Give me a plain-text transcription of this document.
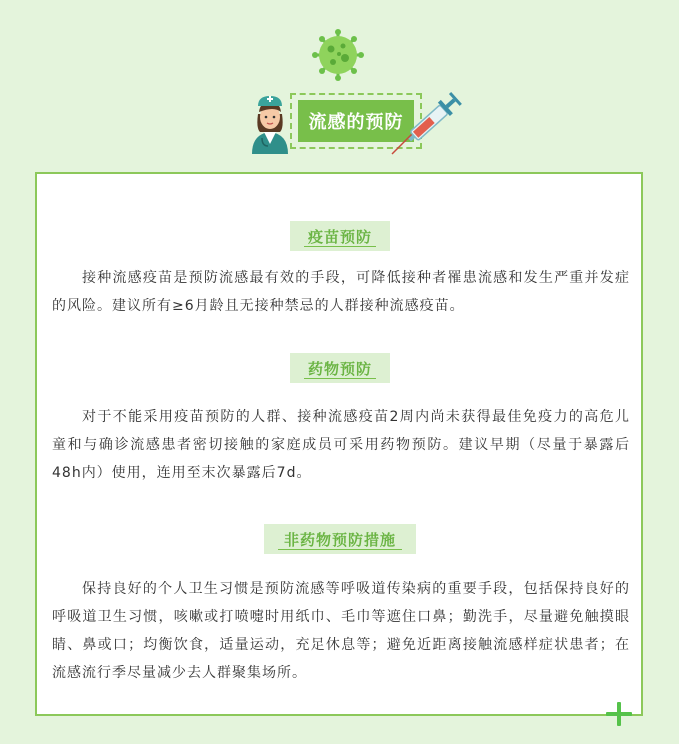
流感的预防
疫苗预防

接种流感疫苗是预防流感最有效的手段，可降低接种者罹患流感和发生严重并发症的风险。建议所有≥6月龄且无接种禁忌的人群接种流感疫苗。

药物预防

对于不能采用疫苗预防的人群、接种流感疫苗2周内尚未获得最佳免疫力的高危儿童和与确诊流感患者密切接触的家庭成员可采用药物预防。建议早期（尽量于暴露后48h内）使用，连用至末次暴露后7d。

非药物预防措施

保持良好的个人卫生习惯是预防流感等呼吸道传染病的重要手段，包括保持良好的呼吸道卫生习惯，咳嗽或打喷嚏时用纸巾、毛巾等遮住口鼻；勤洗手，尽量避免触摸眼睛、鼻或口；均衡饮食，适量运动，充足休息等；避免近距离接触流感样症状患者；在流感流行季尽量减少去人群聚集场所。
